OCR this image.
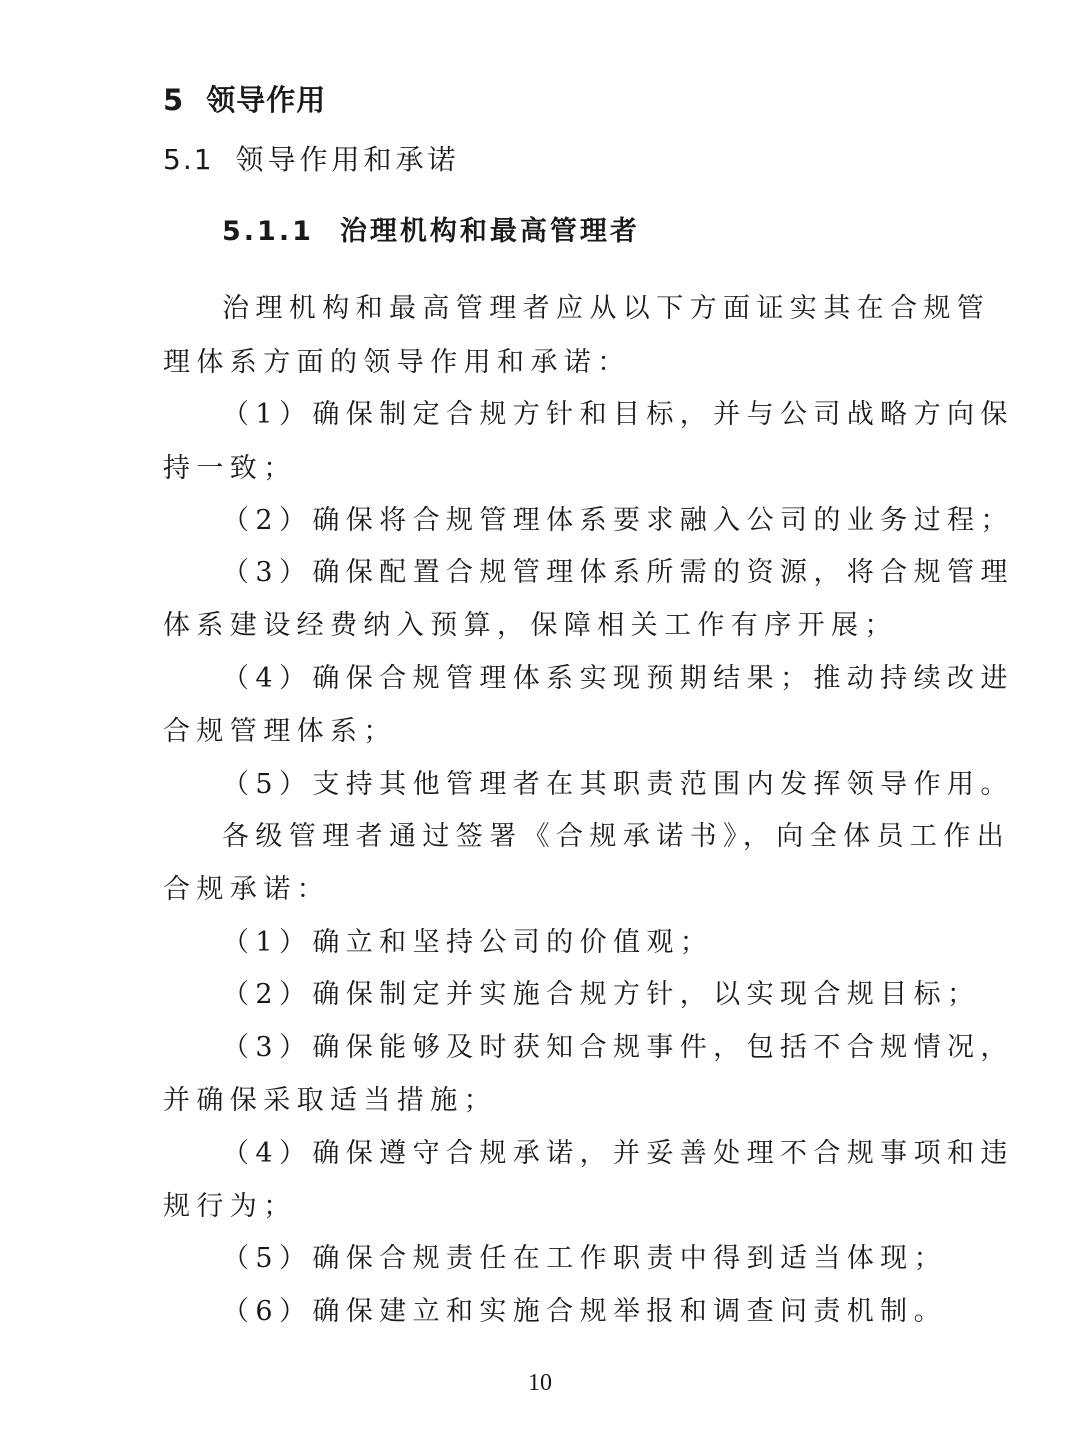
5 领导作用
5.1 领导作用和承诺
5.1.1 治理机构和最高管理者
治理机构和最高管理者应从以下方面证实其在合规管
理体系方面的领导作用和承诺：
（1）确保制定合规方针和目标，并与公司战略方向保
持一致；
（2）确保将合规管理体系要求融入公司的业务过程；
（3）确保配置合规管理体系所需的资源，将合规管理
体系建设经费纳入预算，保障相关工作有序开展；
（4）确保合规管理体系实现预期结果；推动持续改进
合规管理体系；
（5）支持其他管理者在其职责范围内发挥领导作用。
各级管理者通过签署《合规承诺书》，向全体员工作出
合规承诺：
（1）确立和坚持公司的价值观；
（2）确保制定并实施合规方针，以实现合规目标；
（3）确保能够及时获知合规事件，包括不合规情况，
并确保采取适当措施；
（4）确保遵守合规承诺，并妥善处理不合规事项和违
规行为；
（5）确保合规责任在工作职责中得到适当体现；
（6）确保建立和实施合规举报和调查问责机制。
10
